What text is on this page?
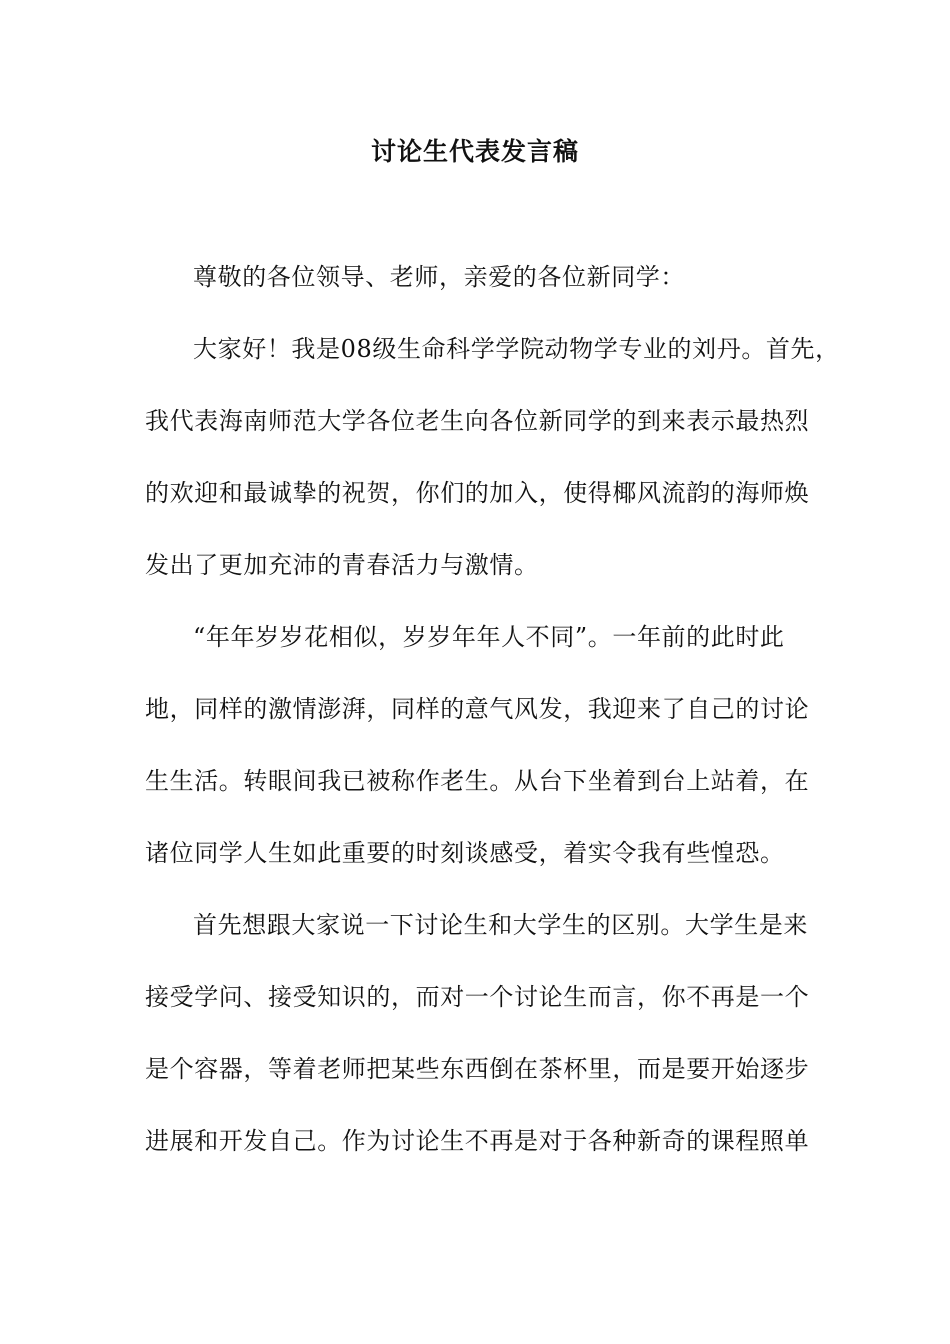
讨论生代表发言稿
尊敬的各位领导、老师，亲爱的各位新同学：
大家好！我是08级生命科学学院动物学专业的刘丹。首先，
我代表海南师范大学各位老生向各位新同学的到来表示最热烈
的欢迎和最诚挚的祝贺，你们的加入，使得椰风流韵的海师焕
发出了更加充沛的青春活力与激情。
“年年岁岁花相似，岁岁年年人不同”。一年前的此时此
地，同样的激情澎湃，同样的意气风发，我迎来了自己的讨论
生生活。转眼间我已被称作老生。从台下坐着到台上站着，在
诸位同学人生如此重要的时刻谈感受，着实令我有些惶恐。
首先想跟大家说一下讨论生和大学生的区别。大学生是来
接受学问、接受知识的，而对一个讨论生而言，你不再是一个
是个容器，等着老师把某些东西倒在茶杯里，而是要开始逐步
进展和开发自己。作为讨论生不再是对于各种新奇的课程照单
